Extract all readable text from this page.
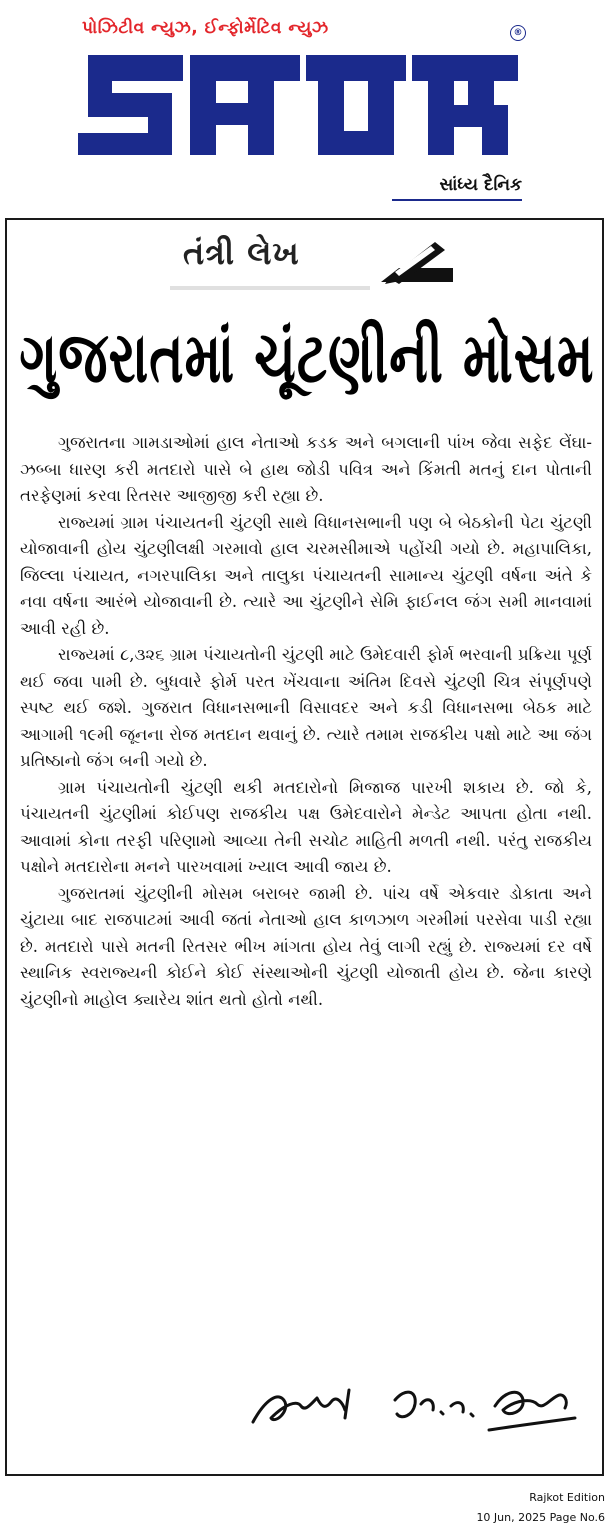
પોઝિટીવ ન્યુઝ, ઈન્ફોર્મેટિવ ન્યુઝ	®
સાંધ્ય દૈનિક
તંત્રી લેખ
ગુજરાતમાં ચૂંટણીની મોસમ

ગુજરાતના ગામડાઓમાં હાલ નેતાઓ કડક અને બગલાની પાંખ જેવા સફેદ લેંઘા-ઝબ્બા ધારણ કરી મતદારો પાસે બે હાથ જોડી પવિત્ર અને કિંમતી મતનું દાન પોતાની તરફેણમાં કરવા રિતસર આજીજી કરી રહ્યા છે.

રાજ્યમાં ગ્રામ પંચાયતની ચુંટણી સાથે વિધાનસભાની પણ બે બેઠકોની પેટા ચુંટણી યોજાવાની હોય ચુંટણીલક્ષી ગરમાવો હાલ ચરમસીમાએ પહોંચી ગયો છે. મહાપાલિકા, જિલ્લા પંચાયત, નગરપાલિકા અને તાલુકા પંચાયતની સામાન્ય ચુંટણી વર્ષના અંતે કે નવા વર્ષના આરંભે યોજાવાની છે. ત્યારે આ ચુંટણીને સેમિ ફાઈનલ જંગ સમી માનવામાં આવી રહી છે.

રાજ્યમાં ૮,૩૨૬ ગ્રામ પંચાયતોની ચુંટણી માટે ઉમેદવારી ફોર્મ ભરવાની પ્રક્રિયા પૂર્ણ થઈ જવા પામી છે. બુધવારે ફોર્મ પરત ખેંચવાના અંતિમ દિવસે ચુંટણી ચિત્ર સંપૂર્ણપણે સ્પષ્ટ થઈ જશે. ગુજરાત વિધાનસભાની વિસાવદર અને કડી વિધાનસભા બેઠક માટે આગામી ૧૯મી જૂનના રોજ મતદાન થવાનું છે. ત્યારે તમામ રાજકીય પક્ષો માટે આ જંગ પ્રતિષ્ઠાનો જંગ બની ગયો છે.

ગ્રામ પંચાયતોની ચુંટણી થકી મતદારોનો મિજાજ પારખી શકાય છે. જો કે, પંચાયતની ચુંટણીમાં કોઈપણ રાજકીય પક્ષ ઉમેદવારોને મેન્ડેટ આપતા હોતા નથી. આવામાં કોના તરફી પરિણામો આવ્યા તેની સચોટ માહિતી મળતી નથી. પરંતુ રાજકીય પક્ષોને મતદારોના મનને પારખવામાં ખ્યાલ આવી જાય છે.

ગુજરાતમાં ચુંટણીની મોસમ બરાબર જામી છે. પાંચ વર્ષે એકવાર ડોકાતા અને ચુંટાયા બાદ રાજપાટમાં આવી જતાં નેતાઓ હાલ કાળઝાળ ગરમીમાં પરસેવા પાડી રહ્યા છે. મતદારો પાસે મતની રિતસર ભીખ માંગતા હોય તેવું લાગી રહ્યું છે. રાજ્યમાં દર વર્ષે સ્થાનિક સ્વરાજ્યની કોઈને કોઈ સંસ્થાઓની ચુંટણી યોજાતી હોય છે. જેના કારણે ચુંટણીનો માહોલ ક્યારેય શાંત થતો હોતો નથી.

Rajkot Edition
10 Jun, 2025 Page No.6
